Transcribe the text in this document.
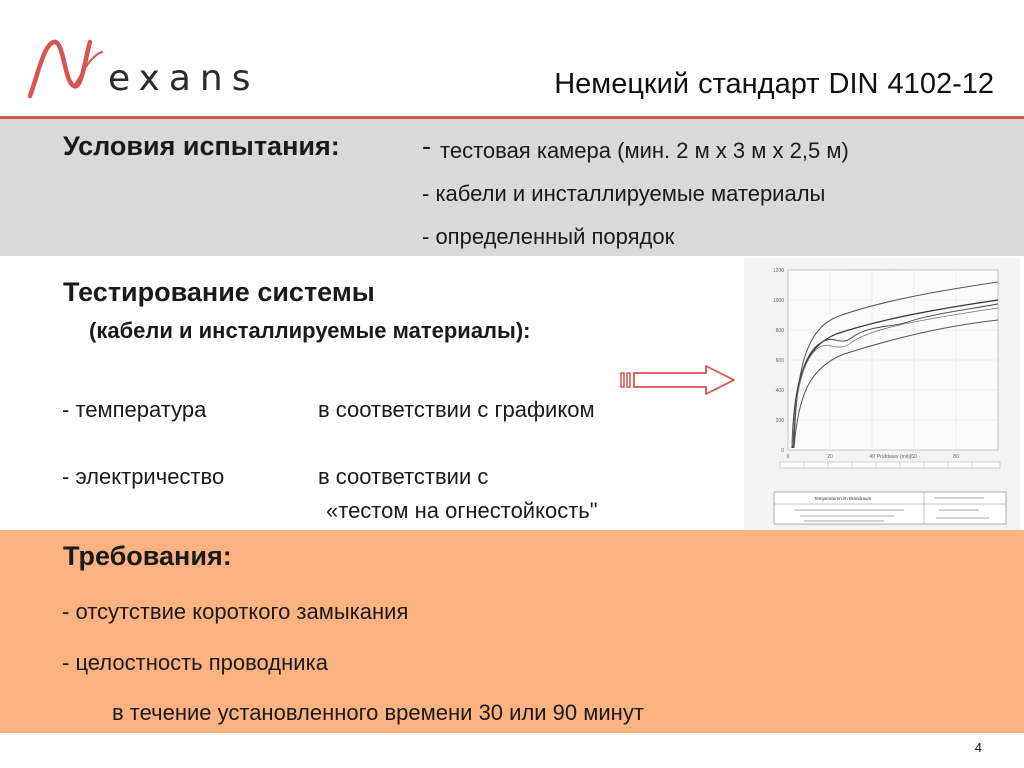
exans	Немецкий стандарт DIN 4102-12
Условия испытания:	- тестовая камера (мин. 2 м х 3 м х 2,5 м)
- кабели и инсталлируемые материалы
- определенный порядок
Тестирование системы
(кабели и инсталлируемые материалы):
- температура	в соответствии с графиком
- электричество	в соответствии с
«тестом на огнестойкость"
1200
1000
800
600
400
200
0
0	20	40	60	80
Prüfdauer [min]
Temperaturen im Brandraum
Требования:
- отсутствие короткого замыкания
- целостность проводника
в течение установленного времени 30 или 90 минут
4
